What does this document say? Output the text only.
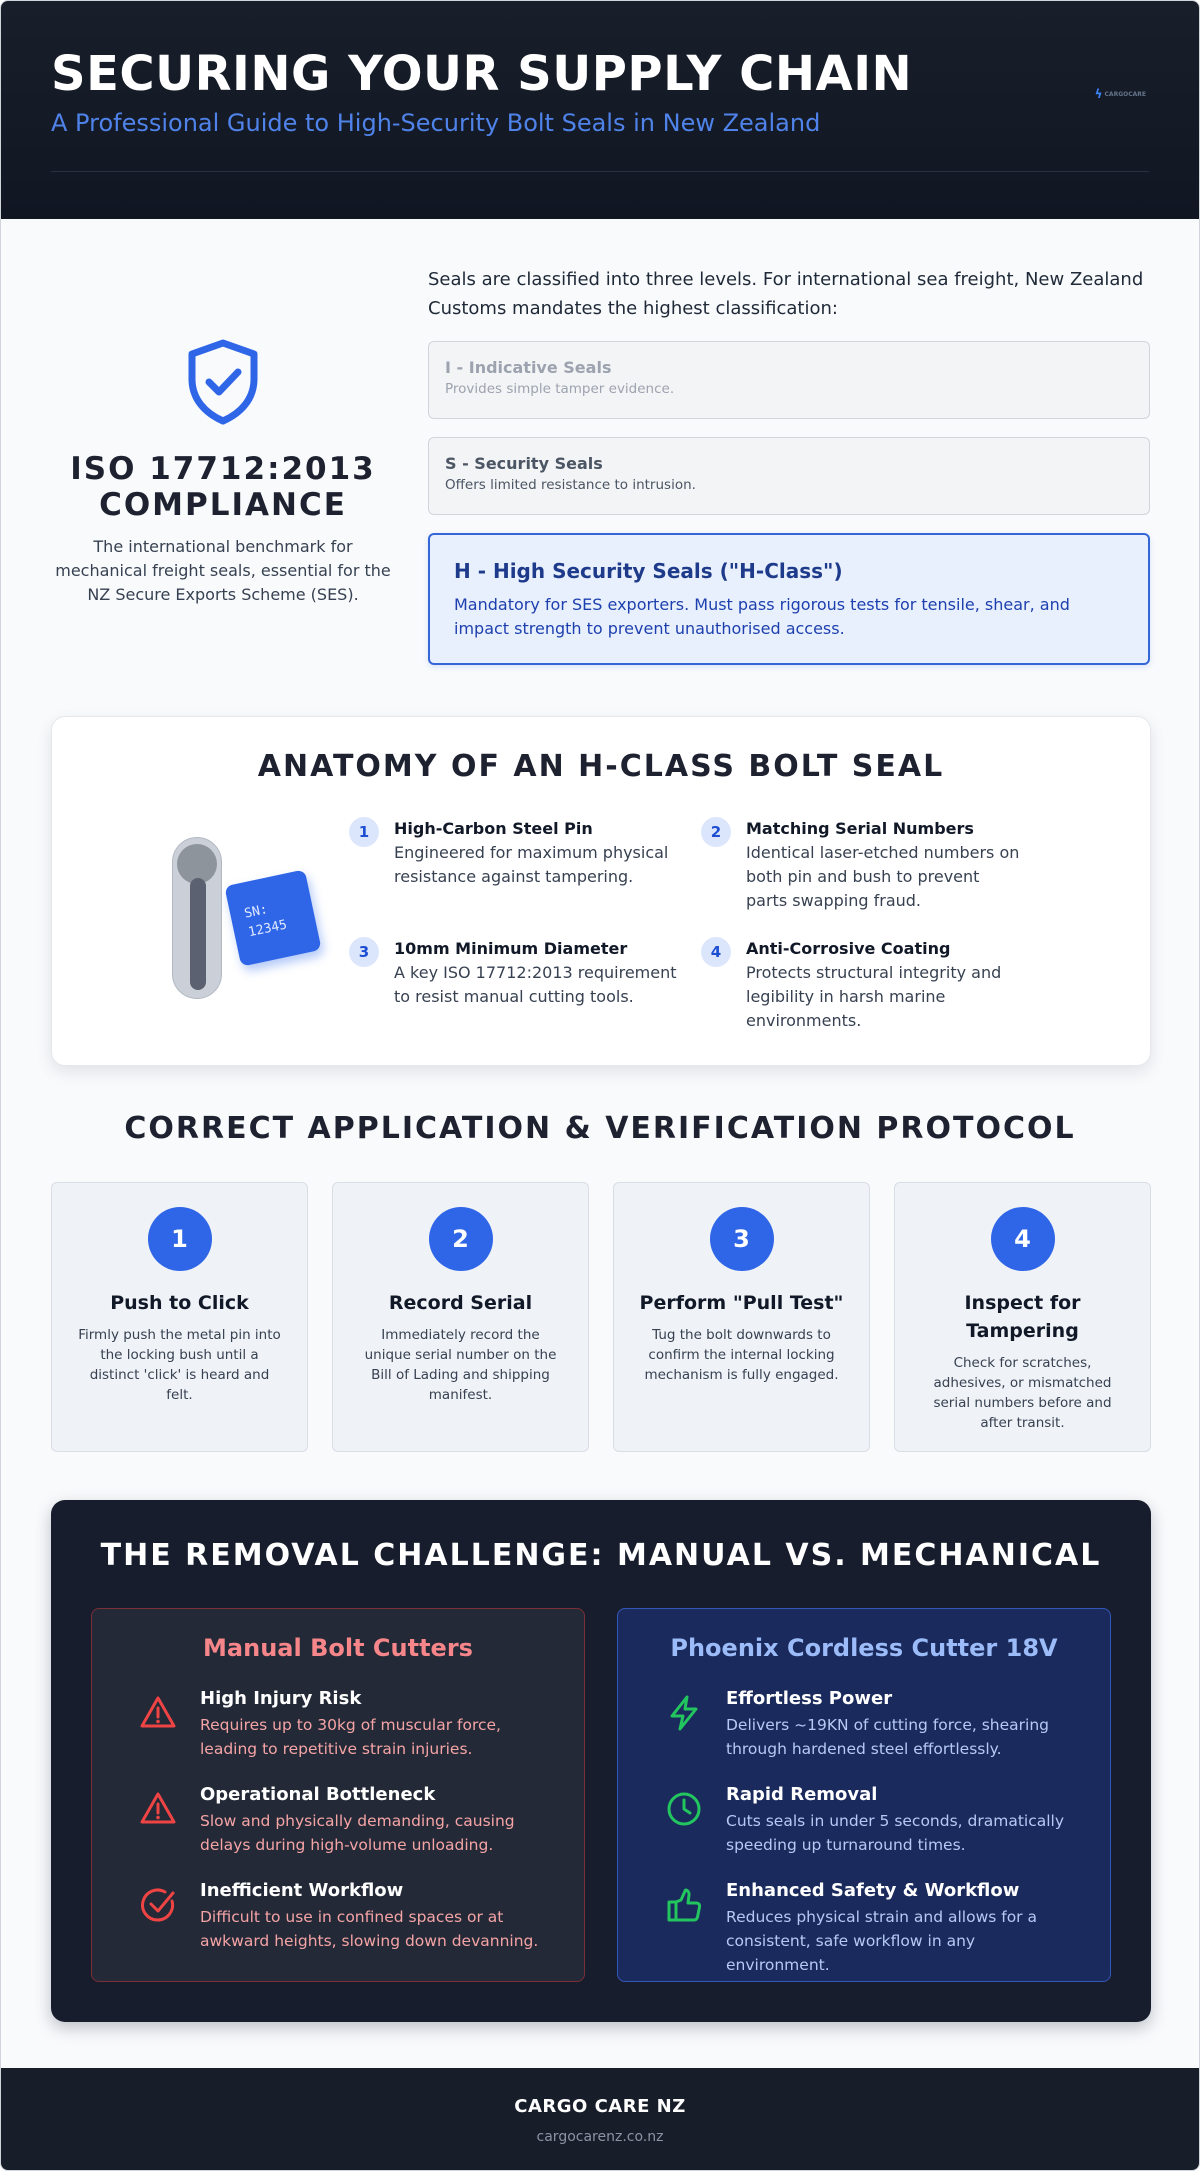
SECURING YOUR SUPPLY CHAIN
A Professional Guide to High-Security Bolt Seals in New Zealand
ϟ CARGOCARE
ISO 17712:2013 COMPLIANCE

The international benchmark for mechanical freight seals, essential for the NZ Secure Exports Scheme (SES).

Seals are classified into three levels. For international sea freight, New Zealand Customs mandates the highest classification:
I - Indicative Seals
Provides simple tamper evidence.
S - Security Seals
Offers limited resistance to intrusion.
H - High Security Seals ("H-Class")
Mandatory for SES exporters. Must pass rigorous tests for tensile, shear, and impact strength to prevent unauthorised access.
ANATOMY OF AN H-CLASS BOLT SEAL
SN:
12345
1	High-Carbon Steel Pin
Engineered for maximum physical resistance against tampering.
2	Matching Serial Numbers
Identical laser-etched numbers on both pin and bush to prevent parts swapping fraud.
3	10mm Minimum Diameter
A key ISO 17712:2013 requirement to resist manual cutting tools.
4	Anti-Corrosive Coating
Protects structural integrity and legibility in harsh marine environments.
CORRECT APPLICATION & VERIFICATION PROTOCOL
1
Push to Click
Firmly push the metal pin into the locking bush until a distinct 'click' is heard and felt.
2
Record Serial
Immediately record the unique serial number on the Bill of Lading and shipping manifest.
3
Perform "Pull Test"
Tug the bolt downwards to confirm the internal locking mechanism is fully engaged.
4
Inspect for Tampering
Check for scratches, adhesives, or mismatched serial numbers before and after transit.
THE REMOVAL CHALLENGE: MANUAL VS. MECHANICAL
Manual Bolt Cutters
High Injury Risk
Requires up to 30kg of muscular force, leading to repetitive strain injuries.
Operational Bottleneck
Slow and physically demanding, causing delays during high-volume unloading.
Inefficient Workflow
Difficult to use in confined spaces or at awkward heights, slowing down devanning.
Phoenix Cordless Cutter 18V
Effortless Power
Delivers ~19KN of cutting force, shearing through hardened steel effortlessly.
Rapid Removal
Cuts seals in under 5 seconds, dramatically speeding up turnaround times.
Enhanced Safety & Workflow
Reduces physical strain and allows for a consistent, safe workflow in any environment.
CARGO CARE NZ
cargocarenz.co.nz
